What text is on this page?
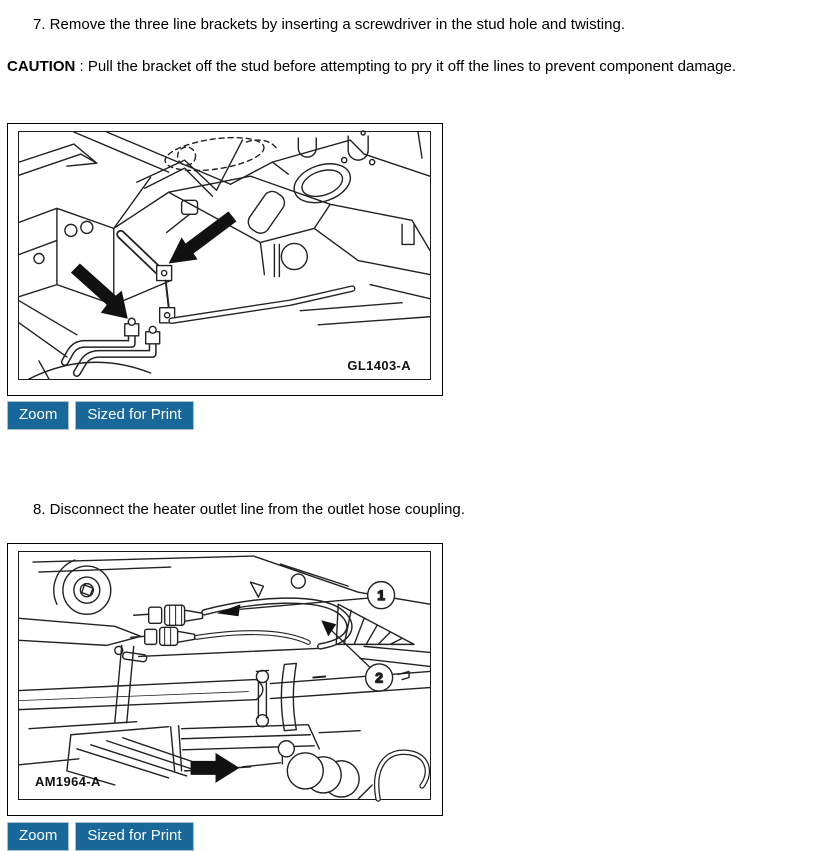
7. Remove the three line brackets by inserting a screwdriver in the stud hole and twisting.
CAUTION : Pull the bracket off the stud before attempting to pry it off the lines to prevent component damage.
GL1403-A
Zoom	Sized for Print
8. Disconnect the heater outlet line from the outlet hose coupling.
1
2
AM1964-A
Zoom	Sized for Print
